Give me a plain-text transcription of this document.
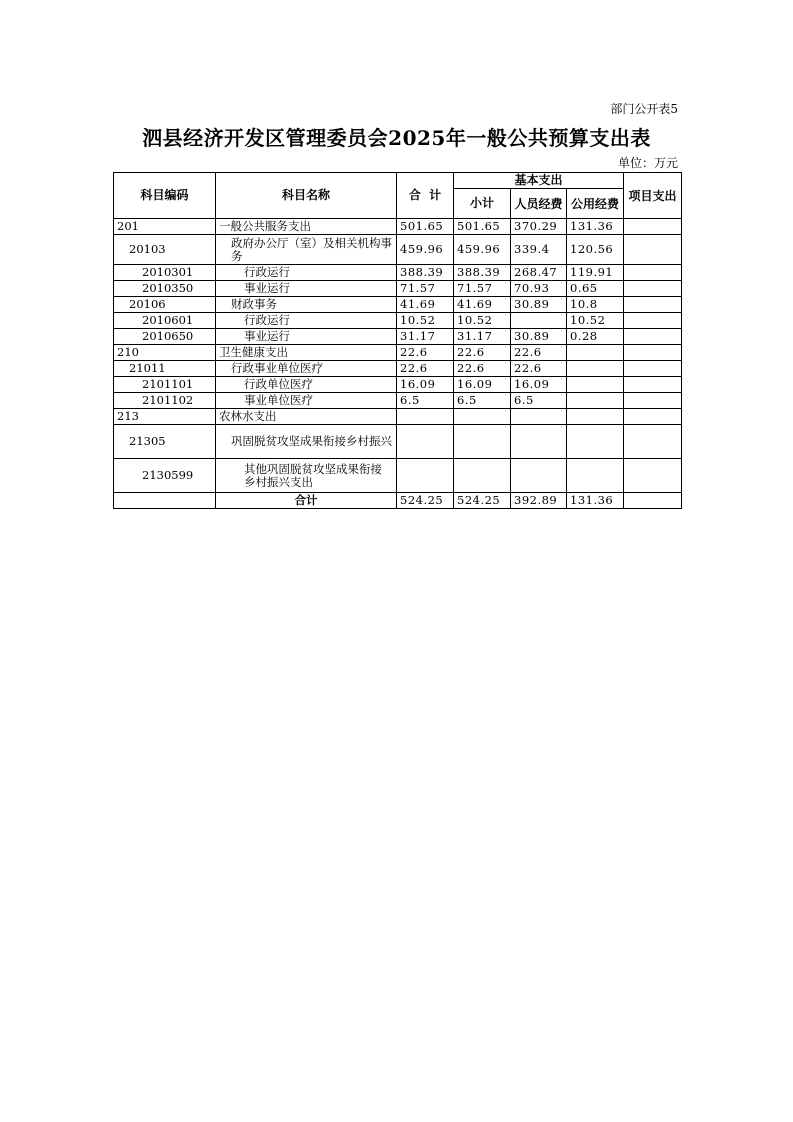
部门公开表5
泗县经济开发区管理委员会2025年一般公共预算支出表
单位：万元
科目编码	科目名称	合  计	基本支出			项目支出
			小计	人员经费	公用经费	
201	一般公共服务支出	501.65	501.65	370.29	131.36	
20103	政府办公厅（室）及相关机构事务	459.96	459.96	339.4	120.56	
2010301	行政运行	388.39	388.39	268.47	119.91	
2010350	事业运行	71.57	71.57	70.93	0.65	
20106	财政事务	41.69	41.69	30.89	10.8	
2010601	行政运行	10.52	10.52		10.52	
2010650	事业运行	31.17	31.17	30.89	0.28	
210	卫生健康支出	22.6	22.6	22.6		
21011	行政事业单位医疗	22.6	22.6	22.6		
2101101	行政单位医疗	16.09	16.09	16.09		
2101102	事业单位医疗	6.5	6.5	6.5		
213	农林水支出					
21305	巩固脱贫攻坚成果衔接乡村振兴					
2130599	其他巩固脱贫攻坚成果衔接乡村振兴支出					
	合计	524.25	524.25	392.89	131.36	
